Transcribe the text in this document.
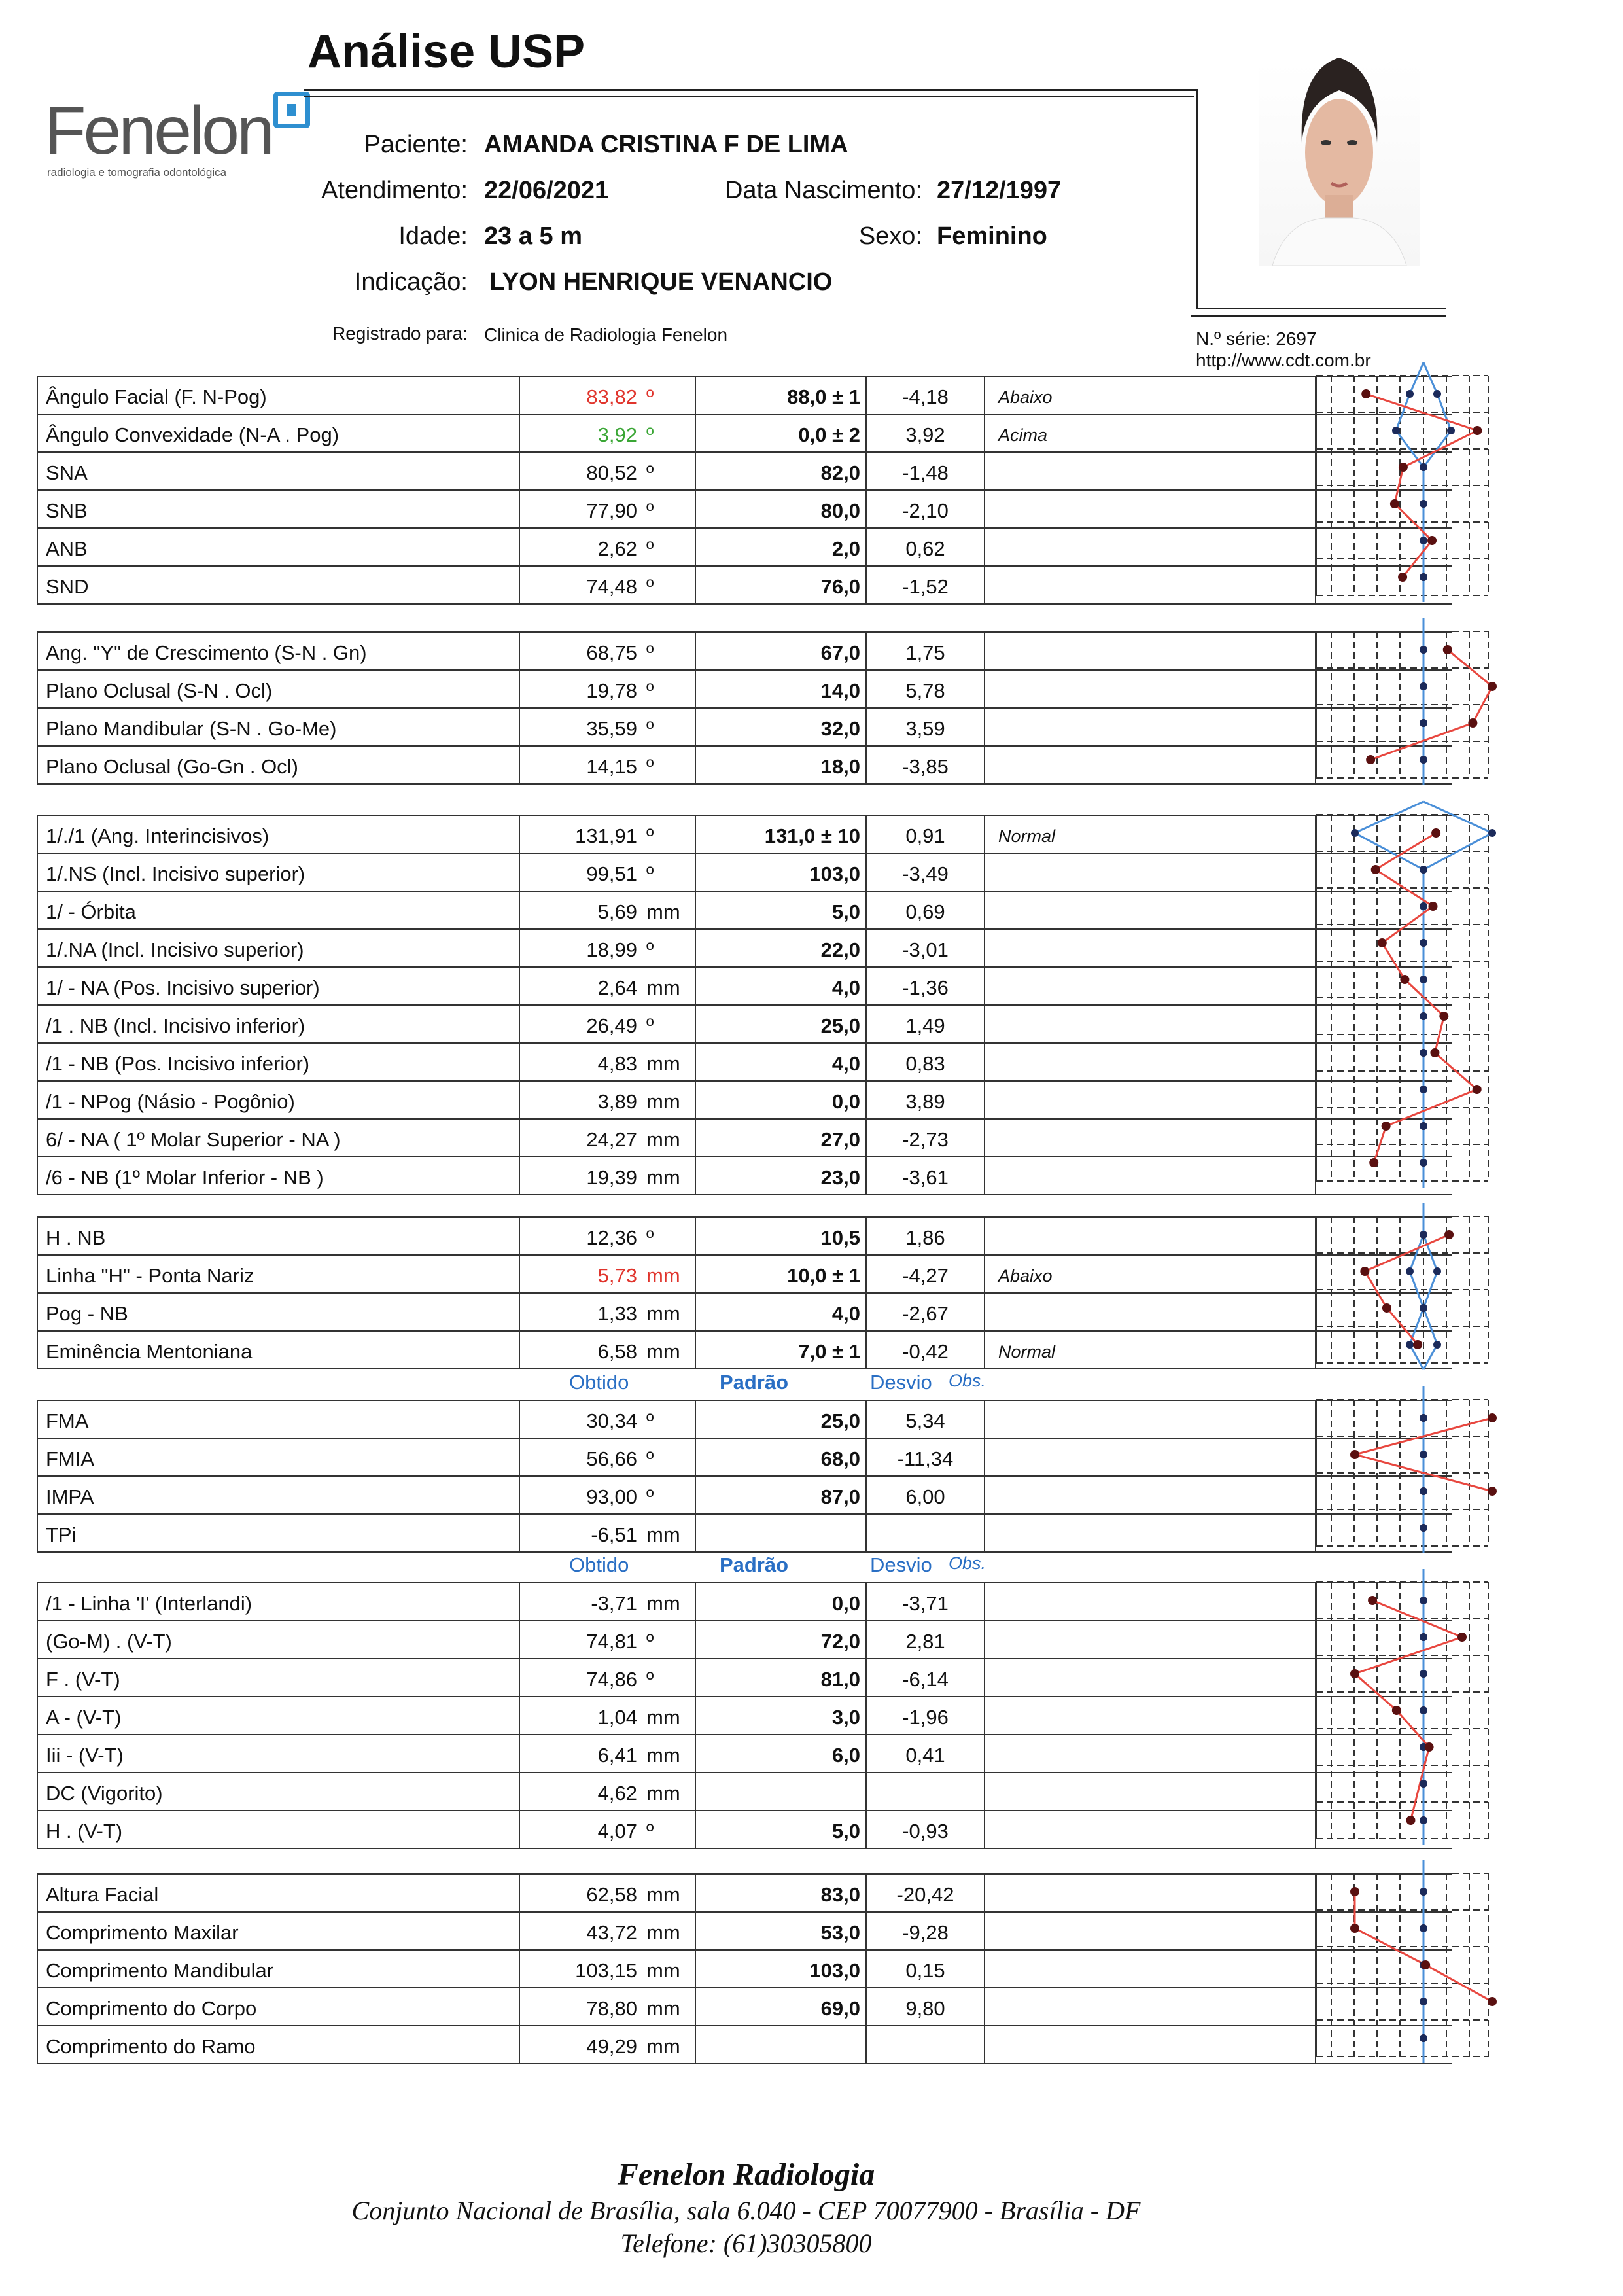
Análise USP
Fenelon
radiologia e tomografia odontológica
Paciente: AMANDA CRISTINA F DE LIMA
Atendimento: 22/06/2021	Data Nascimento: 27/12/1997
Idade: 23 a 5 m	Sexo: Feminino
Indicação: LYON HENRIQUE VENANCIO
Registrado para: Clinica de Radiologia Fenelon	N.º série: 2697
http://www.cdt.com.br
Ângulo Facial (F. N-Pog)	83,82 º	88,0 ± 1	-4,18	Abaixo
Ângulo Convexidade (N-A . Pog)	3,92 º	0,0 ± 2	3,92	Acima
SNA	80,52 º	82,0	-1,48
SNB	77,90 º	80,0	-2,10
ANB	2,62 º	2,0	0,62
SND	74,48 º	76,0	-1,52
Ang. "Y" de Crescimento (S-N . Gn)	68,75 º	67,0	1,75
Plano Oclusal (S-N . Ocl)	19,78 º	14,0	5,78
Plano Mandibular (S-N . Go-Me)	35,59 º	32,0	3,59
Plano Oclusal (Go-Gn . Ocl)	14,15 º	18,0	-3,85
1/./1 (Ang. Interincisivos)	131,91 º	131,0 ± 10	0,91	Normal
1/.NS (Incl. Incisivo superior)	99,51 º	103,0	-3,49
1/ - Órbita	5,69 mm	5,0	0,69
1/.NA (Incl. Incisivo superior)	18,99 º	22,0	-3,01
1/ - NA (Pos. Incisivo superior)	2,64 mm	4,0	-1,36
/1 . NB (Incl. Incisivo inferior)	26,49 º	25,0	1,49
/1 - NB (Pos. Incisivo inferior)	4,83 mm	4,0	0,83
/1 - NPog (Násio - Pogônio)	3,89 mm	0,0	3,89
6/ - NA ( 1º Molar Superior - NA )	24,27 mm	27,0	-2,73
/6 - NB (1º Molar Inferior - NB )	19,39 mm	23,0	-3,61
H . NB	12,36 º	10,5	1,86
Linha "H" - Ponta Nariz	5,73 mm	10,0 ± 1	-4,27	Abaixo
Pog - NB	1,33 mm	4,0	-2,67
Eminência Mentoniana	6,58 mm	7,0 ± 1	-0,42	Normal
FMA	30,34 º	25,0	5,34
FMIA	56,66 º	68,0	-11,34
IMPA	93,00 º	87,0	6,00
TPi	-6,51 mm
/1 - Linha 'I' (Interlandi)	-3,71 mm	0,0	-3,71
(Go-M) . (V-T)	74,81 º	72,0	2,81
F . (V-T)	74,86 º	81,0	-6,14
A - (V-T)	1,04 mm	3,0	-1,96
Iii - (V-T)	6,41 mm	6,0	0,41
DC (Vigorito)	4,62 mm
H . (V-T)	4,07 º	5,0	-0,93
Altura Facial	62,58 mm	83,0	-20,42
Comprimento Maxilar	43,72 mm	53,0	-9,28
Comprimento Mandibular	103,15 mm	103,0	0,15
Comprimento do Corpo	78,80 mm	69,0	9,80
Comprimento do Ramo	49,29 mm
Fenelon Radiologia
Conjunto Nacional de Brasília, sala 6.040 - CEP 70077900 - Brasília - DF
Telefone: (61)30305800
Obtido	Padrão	Desvio Obs.
Obtido	Padrão	Desvio Obs.
